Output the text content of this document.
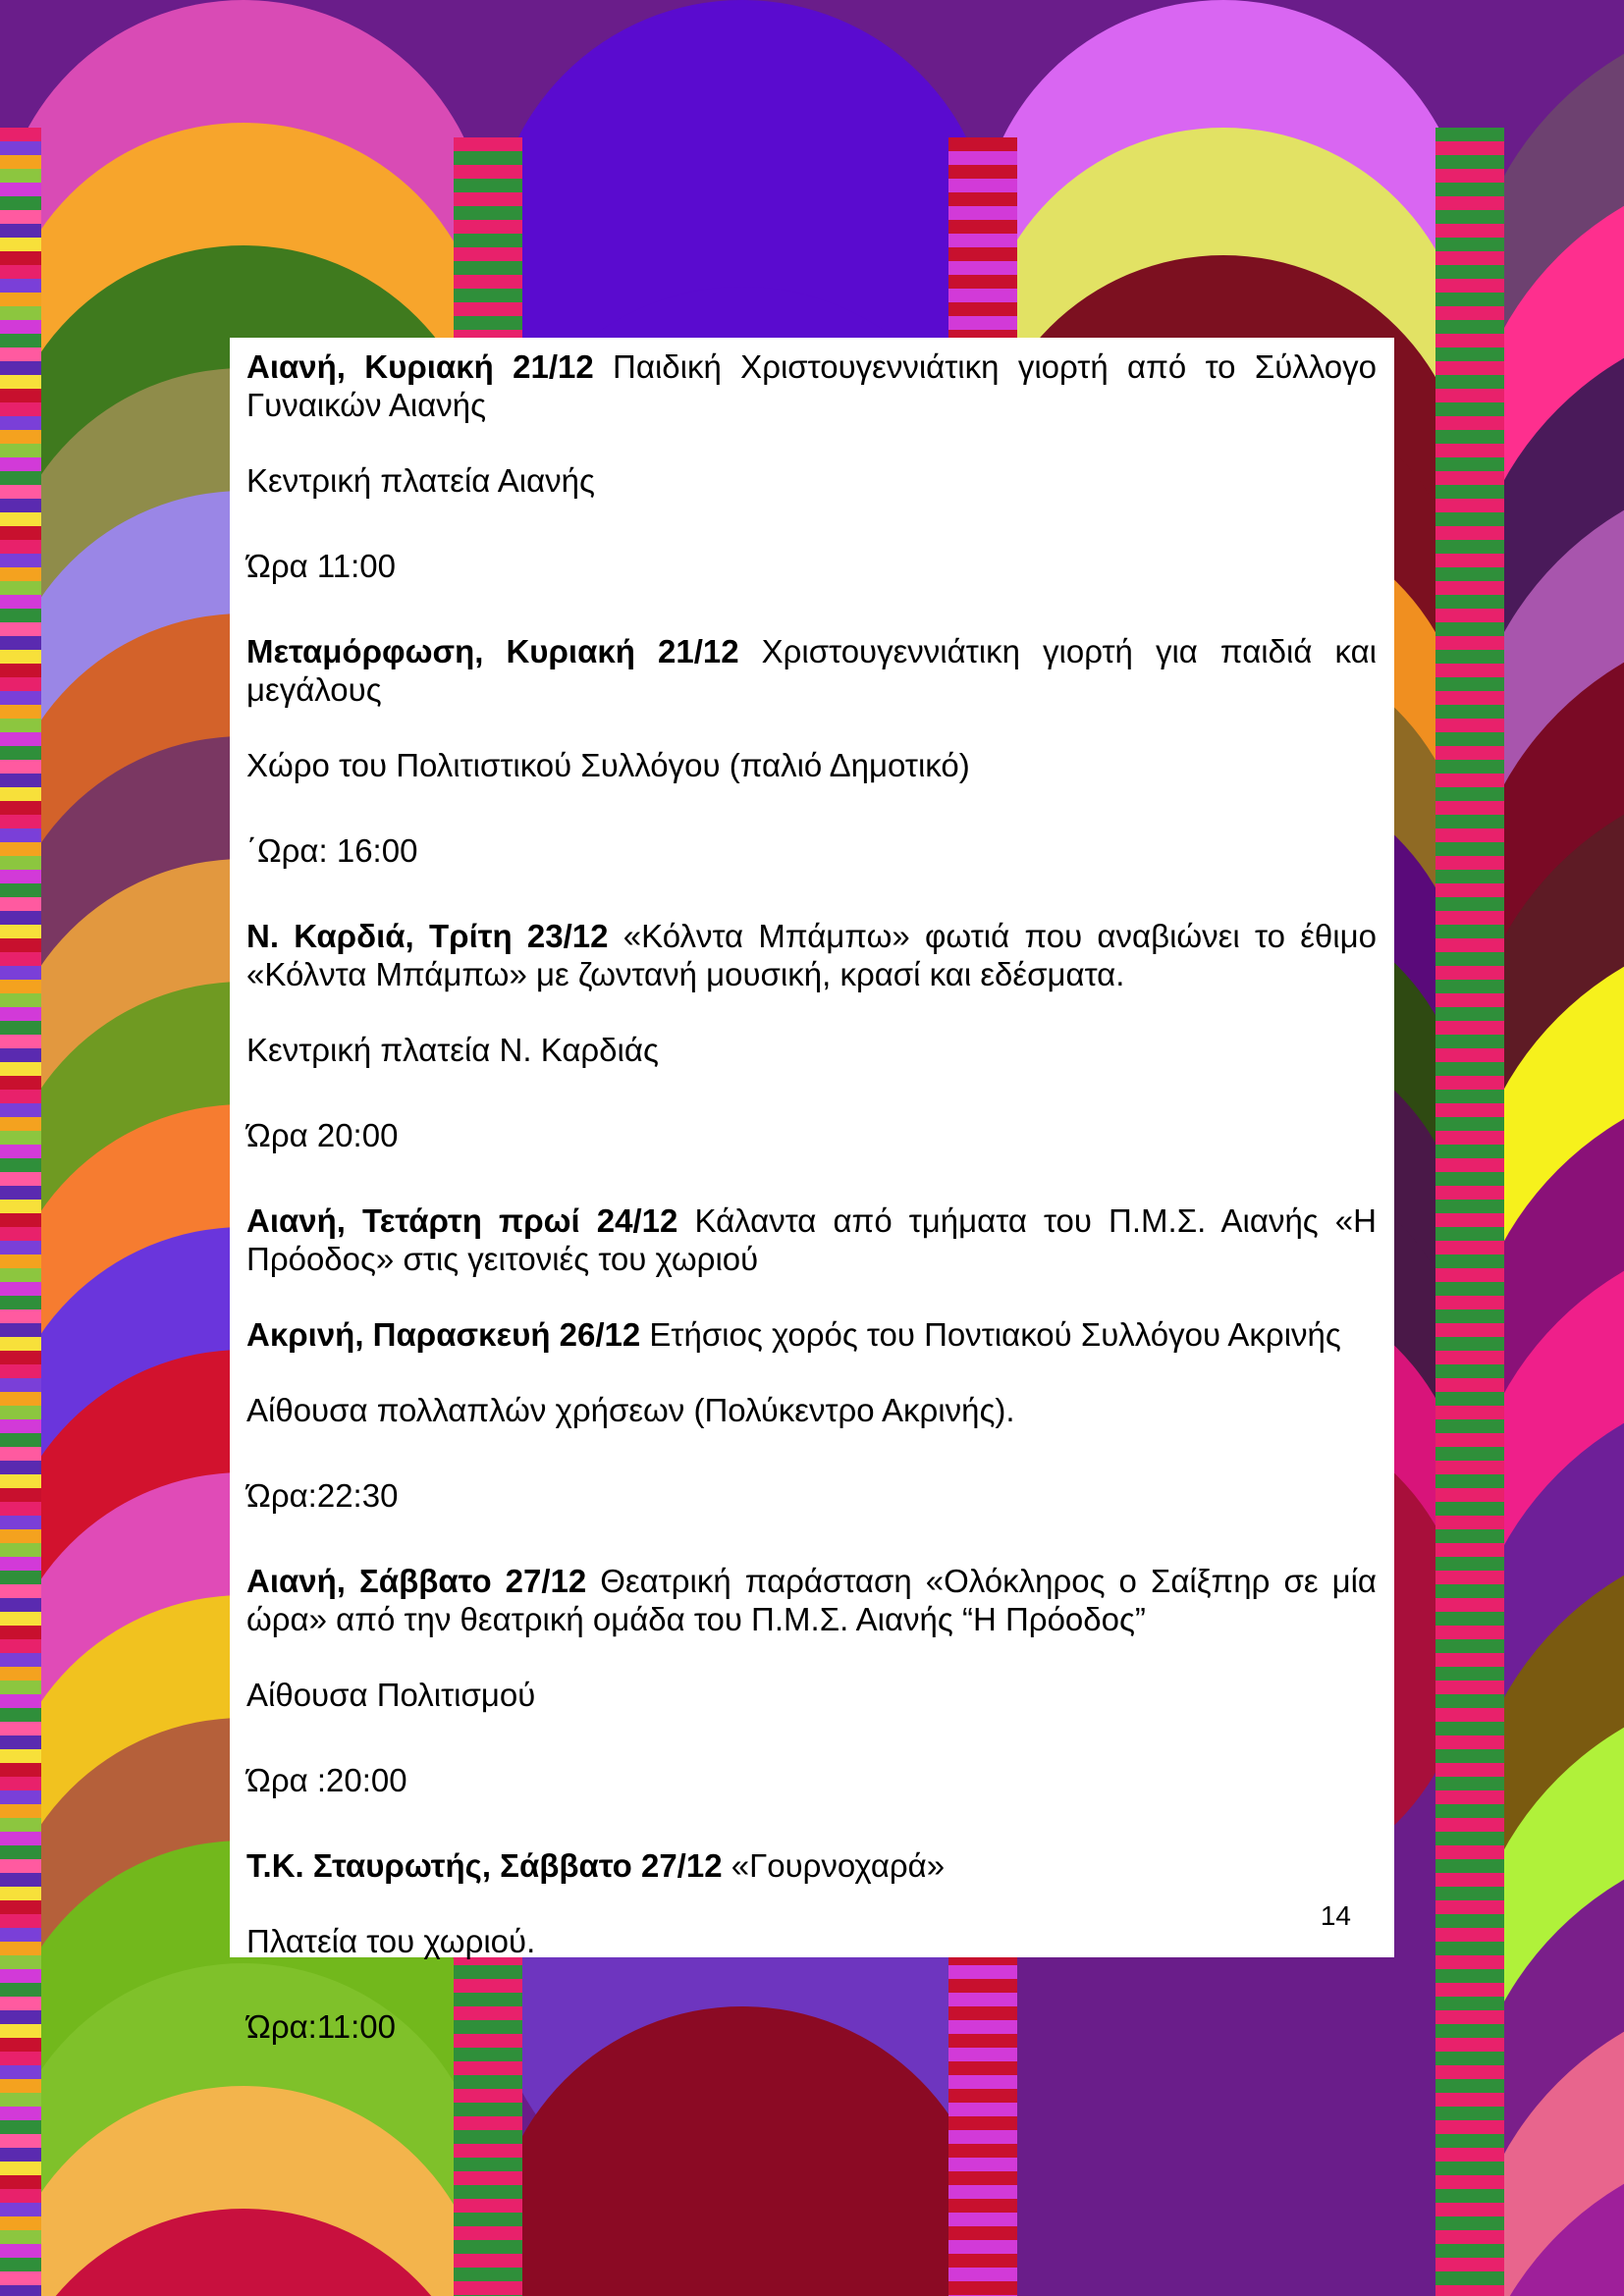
Αιανή, Κυριακή 21/12 Παιδική Χριστουγεννιάτικη γιορτή από το Σύλλογο Γυναικών Αιανής

Κεντρική πλατεία Αιανής

Ώρα 11:00

Μεταμόρφωση, Κυριακή 21/12 Χριστουγεννιάτικη γιορτή για παιδιά και μεγάλους

Χώρο του Πολιτιστικού Συλλόγου (παλιό Δημοτικό)

΄Ωρα: 16:00

Ν. Καρδιά, Τρίτη 23/12 «Κόλντα Μπάμπω» φωτιά που αναβιώνει το έθιμο «Κόλντα Μπάμπω» με ζωντανή μουσική, κρασί και εδέσματα.

Κεντρική πλατεία Ν. Καρδιάς

Ώρα 20:00

Αιανή, Τετάρτη πρωί 24/12 Κάλαντα από τμήματα του Π.Μ.Σ. Αιανής «Η Πρόοδος» στις γειτονιές του χωριού

Ακρινή, Παρασκευή 26/12 Ετήσιος χορός του Ποντιακού Συλλόγου Ακρινής

Αίθουσα πολλαπλών χρήσεων (Πολύκεντρο Ακρινής).

Ώρα:22:30

Αιανή, Σάββατο 27/12 Θεατρική παράσταση «Ολόκληρος ο Σαίξπηρ σε μία ώρα» από την θεατρική ομάδα του Π.Μ.Σ. Αιανής “Η Πρόοδος”

Αίθουσα Πολιτισμού

Ώρα :20:00

Τ.Κ. Σταυρωτής, Σάββατο 27/12 «Γουρνοχαρά»

Πλατεία του χωριού.

Ώρα:11:00

14
